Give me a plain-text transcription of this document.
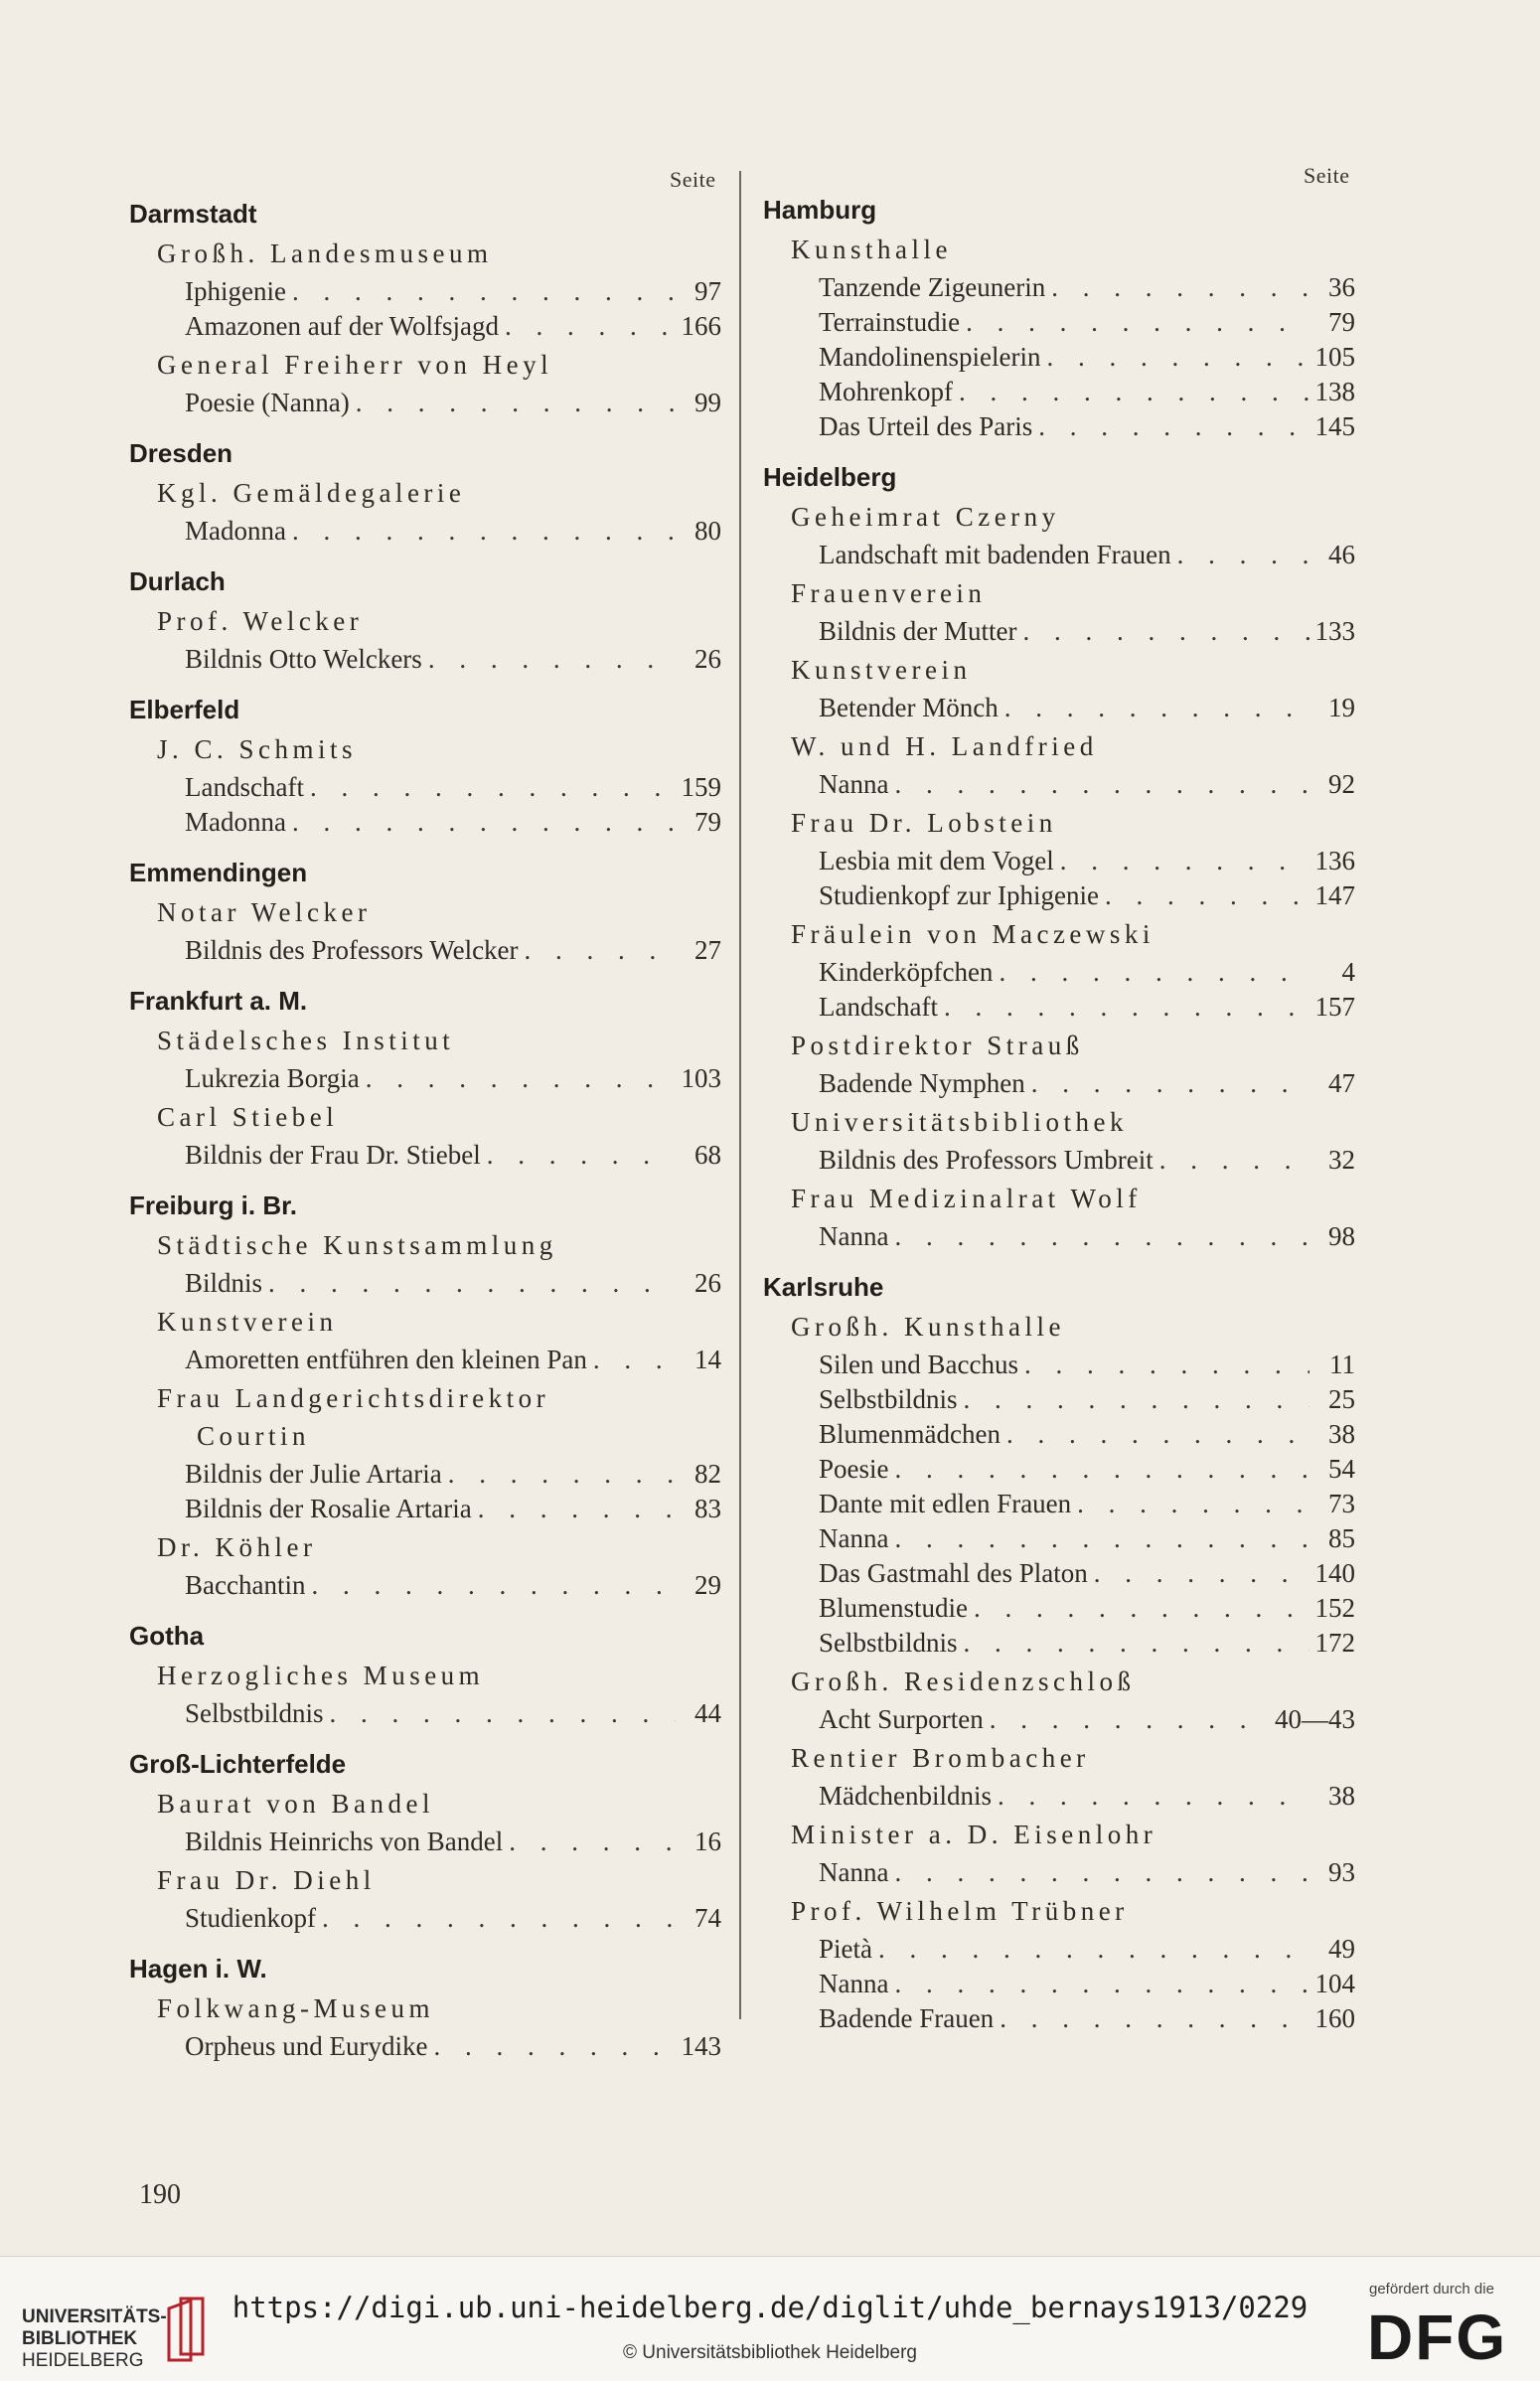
Seite	Seite
Darmstadt
Großh. Landesmuseum
Iphigenie . . .	97
Amazonen auf der Wolfsjagd . . .	166
General Freiherr von Heyl
Poesie (Nanna) . . .	99
Dresden
Kgl. Gemäldegalerie
Madonna . . .	80
Durlach
Prof. Welcker
Bildnis Otto Welckers . . .	26
Elberfeld
J. C. Schmits
Landschaft . . .	159
Madonna . . .	79
Emmendingen
Notar Welcker
Bildnis des Professors Welcker . . .	27
Frankfurt a. M.
Städelsches Institut
Lukrezia Borgia . . .	103
Carl Stiebel
Bildnis der Frau Dr. Stiebel . . .	68
Freiburg i. Br.
Städtische Kunstsammlung
Bildnis . . .	26
Kunstverein
Amoretten entführen den kleinen Pan . . .	14
Frau Landgerichtsdirektor
Courtin
Bildnis der Julie Artaria . . .	82
Bildnis der Rosalie Artaria . . .	83
Dr. Köhler
Bacchantin . . .	29
Gotha
Herzogliches Museum
Selbstbildnis . . .	44
Groß-Lichterfelde
Baurat von Bandel
Bildnis Heinrichs von Bandel . . .	16
Frau Dr. Diehl
Studienkopf . . .	74
Hagen i. W.
Folkwang-Museum
Orpheus und Eurydike . . .	143
Hamburg
Kunsthalle
Tanzende Zigeunerin . . .	36
Terrainstudie . . .	79
Mandolinenspielerin . . .	105
Mohrenkopf . . .	138
Das Urteil des Paris . . .	145
Heidelberg
Geheimrat Czerny
Landschaft mit badenden Frauen . . .	46
Frauenverein
Bildnis der Mutter . . .	133
Kunstverein
Betender Mönch . . .	19
W. und H. Landfried
Nanna . . .	92
Frau Dr. Lobstein
Lesbia mit dem Vogel . . .	136
Studienkopf zur Iphigenie . . .	147
Fräulein von Maczewski
Kinderköpfchen . . .	4
Landschaft . . .	157
Postdirektor Strauß
Badende Nymphen . . .	47
Universitätsbibliothek
Bildnis des Professors Umbreit . . .	32
Frau Medizinalrat Wolf
Nanna . . .	98
Karlsruhe
Großh. Kunsthalle
Silen und Bacchus . . .	11
Selbstbildnis . . .	25
Blumenmädchen . . .	38
Poesie . . .	54
Dante mit edlen Frauen . . .	73
Nanna . . .	85
Das Gastmahl des Platon . . .	140
Blumenstudie . . .	152
Selbstbildnis . . .	172
Großh. Residenzschloß
Acht Surporten . . .	40—43
Rentier Brombacher
Mädchenbildnis . . .	38
Minister a. D. Eisenlohr
Nanna . . .	93
Prof. Wilhelm Trübner
Pietà . . .	49
Nanna . . .	104
Badende Frauen . . .	160
190
UNIVERSITÄTS-
BIBLIOTHEK
HEIDELBERG
https://digi.ub.uni-heidelberg.de/diglit/uhde_bernays1913/0229
© Universitätsbibliothek Heidelberg
gefördert durch die
DFG
